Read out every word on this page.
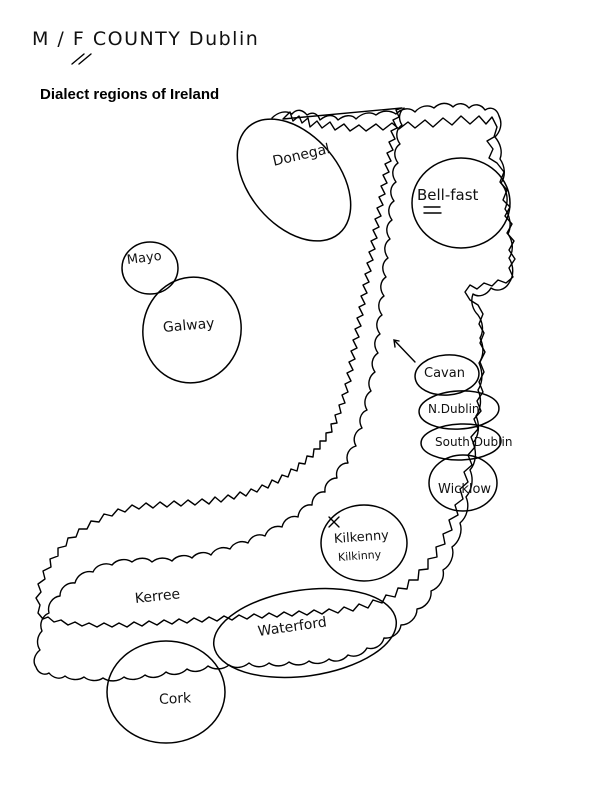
M / F COUNTY Dublin
Dialect regions of Ireland
Donegal
Bell-fast
Mayo
Galway
Cavan
N.Dublin
South Dublin
Wicklow
Kilkenny
Kilkinny
Kerree
Waterford
Cork
